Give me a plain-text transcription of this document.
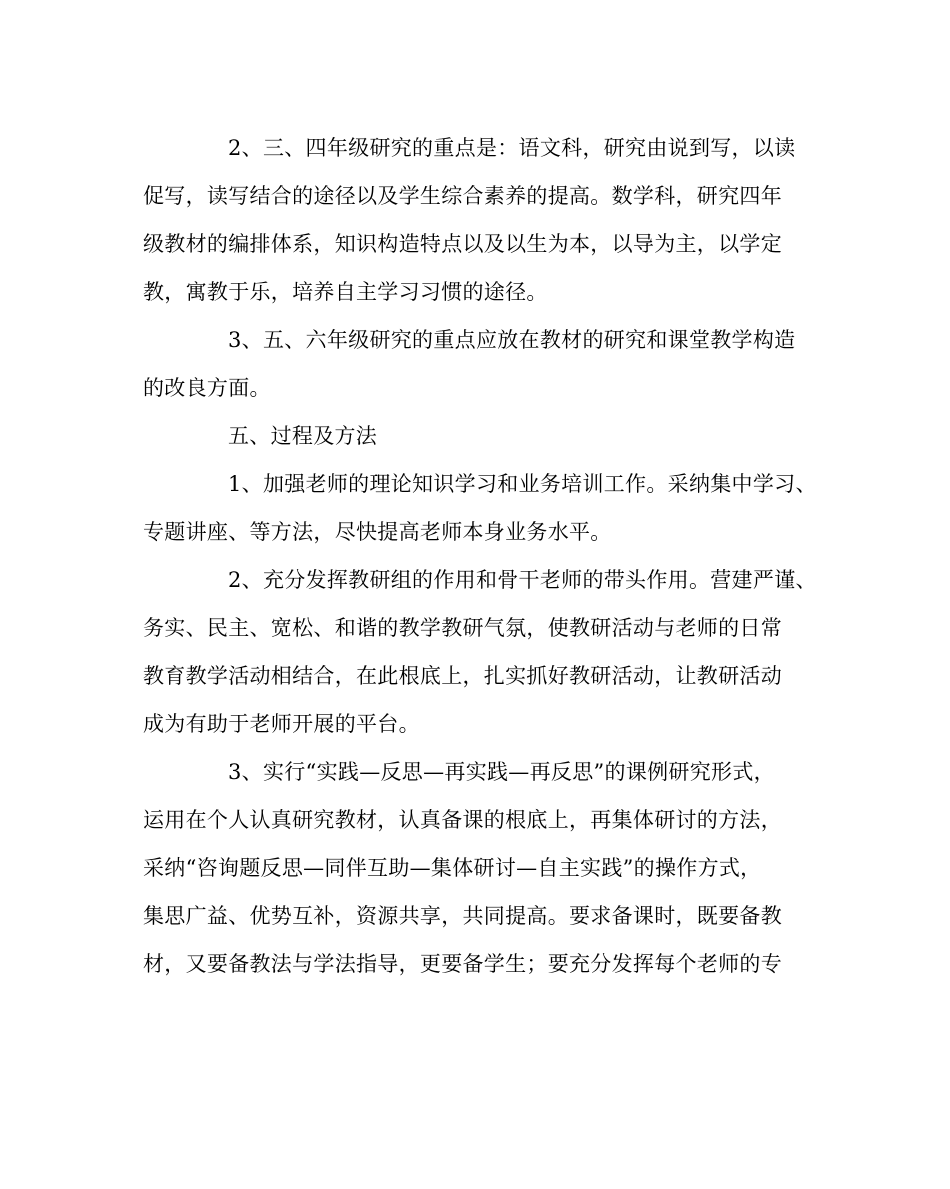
2、三、四年级研究的重点是：语文科，研究由说到写，以读
促写，读写结合的途径以及学生综合素养的提高。数学科，研究四年
级教材的编排体系，知识构造特点以及以生为本，以导为主，以学定
教，寓教于乐，培养自主学习习惯的途径。
3、五、六年级研究的重点应放在教材的研究和课堂教学构造
的改良方面。
五、过程及方法
1、加强老师的理论知识学习和业务培训工作。采纳集中学习、
专题讲座、等方法，尽快提高老师本身业务水平。
2、充分发挥教研组的作用和骨干老师的带头作用。营建严谨、
务实、民主、宽松、和谐的教学教研气氛，使教研活动与老师的日常
教育教学活动相结合，在此根底上，扎实抓好教研活动，让教研活动
成为有助于老师开展的平台。
3、实行“实践—反思—再实践—再反思”的课例研究形式，
运用在个人认真研究教材，认真备课的根底上，再集体研讨的方法，
采纳“咨询题反思—同伴互助—集体研讨—自主实践”的操作方式，
集思广益、优势互补，资源共享，共同提高。要求备课时，既要备教
材，又要备教法与学法指导，更要备学生；要充分发挥每个老师的专
